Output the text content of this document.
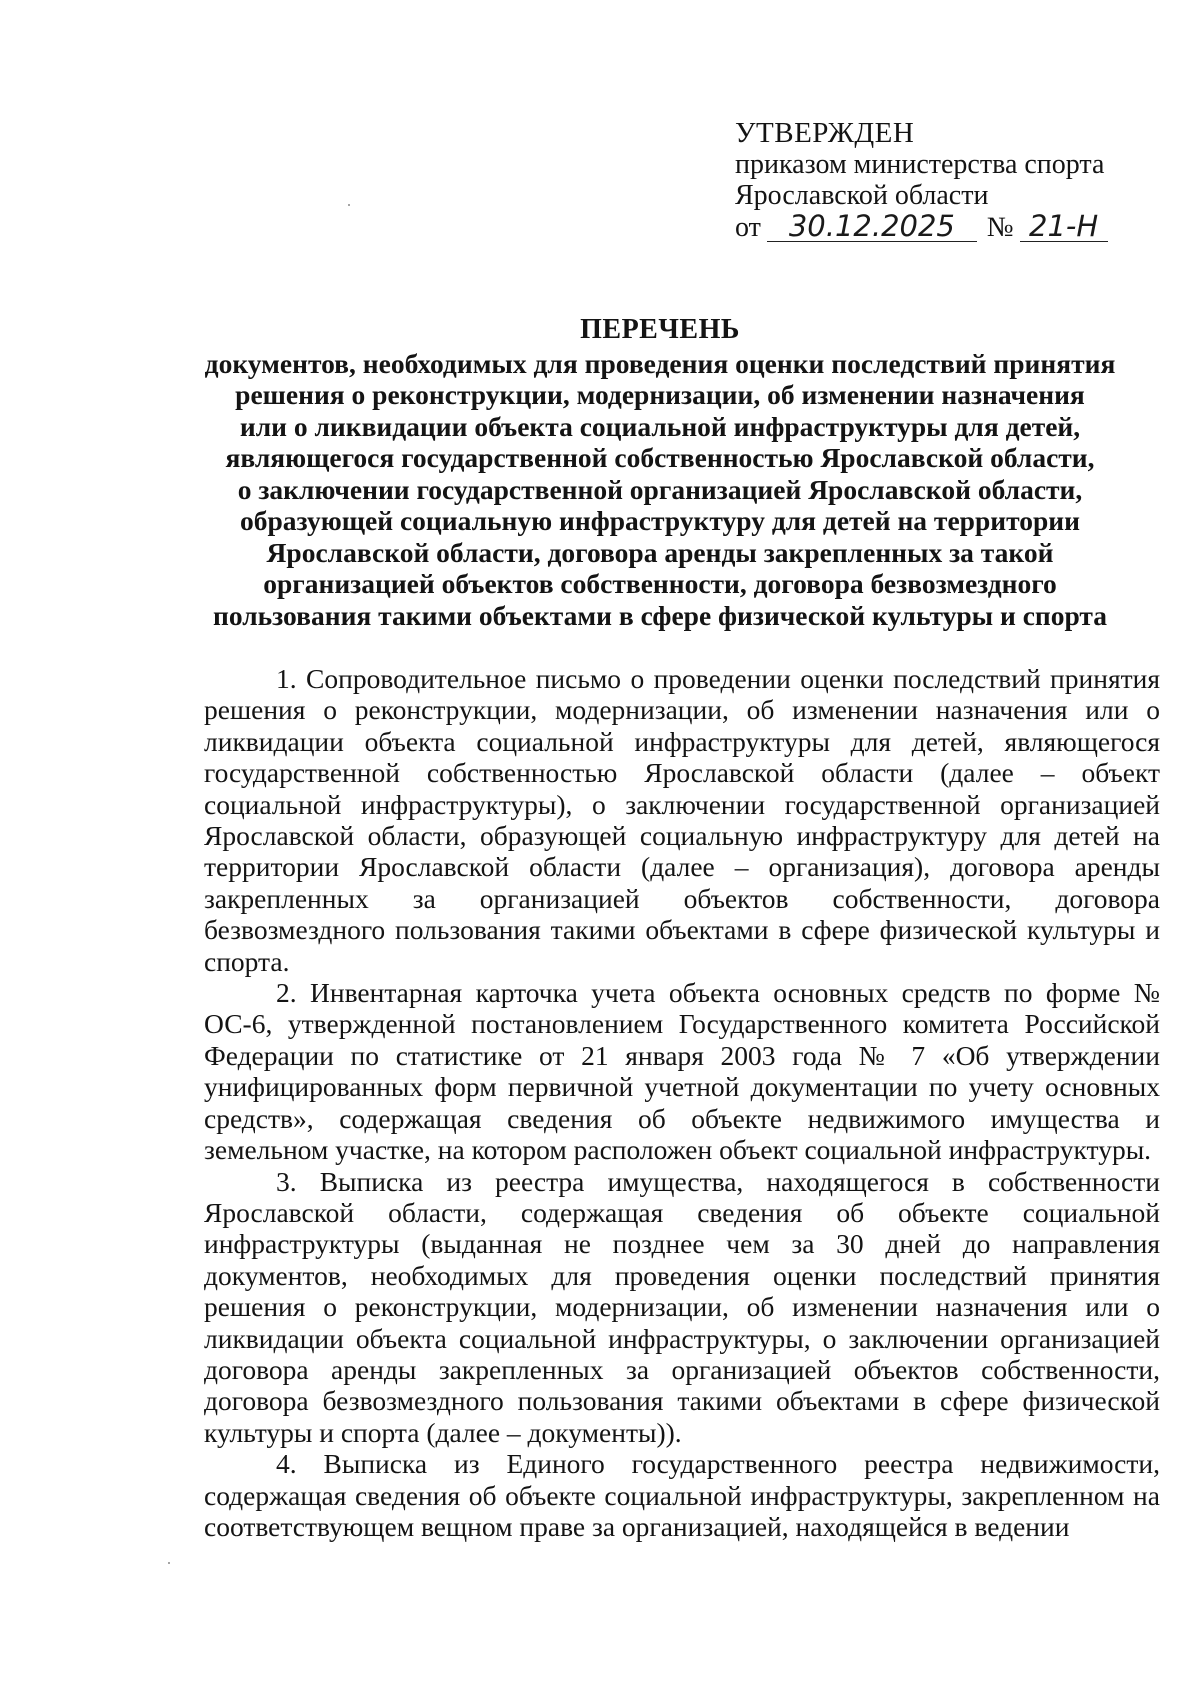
УТВЕРЖДЕН
приказом министерства спорта
Ярославской области
от 30.12.2025 № 21-Н
ПЕРЕЧЕНЬ
документов, необходимых для проведения оценки последствий принятия
решения о реконструкции, модернизации, об изменении назначения
или о ликвидации объекта социальной инфраструктуры для детей,
являющегося государственной собственностью Ярославской области,
о заключении государственной организацией Ярославской области,
образующей социальную инфраструктуру для детей на территории
Ярославской области, договора аренды закрепленных за такой
организацией объектов собственности, договора безвозмездного
пользования такими объектами в сфере физической культуры и спорта

1. Сопроводительное письмо о проведении оценки последствий принятия решения о реконструкции, модернизации, об изменении назначения или о ликвидации объекта социальной инфраструктуры для детей, являющегося государственной собственностью Ярославской области (далее – объект социальной инфраструктуры), о заключении государственной организацией Ярославской области, образующей социальную инфраструктуру для детей на территории Ярославской области (далее – организация), договора аренды закрепленных за организацией объектов собственности, договора безвозмездного пользования такими объектами в сфере физической культуры и спорта.

2. Инвентарная карточка учета объекта основных средств по форме № ОС-6, утвержденной постановлением Государственного комитета Российской Федерации по статистике от 21 января 2003 года № 7 «Об утверждении унифицированных форм первичной учетной документации по учету основных средств», содержащая сведения об объекте недвижимого имущества и земельном участке, на котором расположен объект социальной инфраструктуры.

3. Выписка из реестра имущества, находящегося в собственности Ярославской области, содержащая сведения об объекте социальной инфраструктуры (выданная не позднее чем за 30 дней до направления документов, необходимых для проведения оценки последствий принятия решения о реконструкции, модернизации, об изменении назначения или о ликвидации объекта социальной инфраструктуры, о заключении организацией договора аренды закрепленных за организацией объектов собственности, договора безвозмездного пользования такими объектами в сфере физической культуры и спорта (далее – документы)).

4. Выписка из Единого государственного реестра недвижимости, содержащая сведения об объекте социальной инфраструктуры, закрепленном на соответствующем вещном праве за организацией, находящейся в ведении
